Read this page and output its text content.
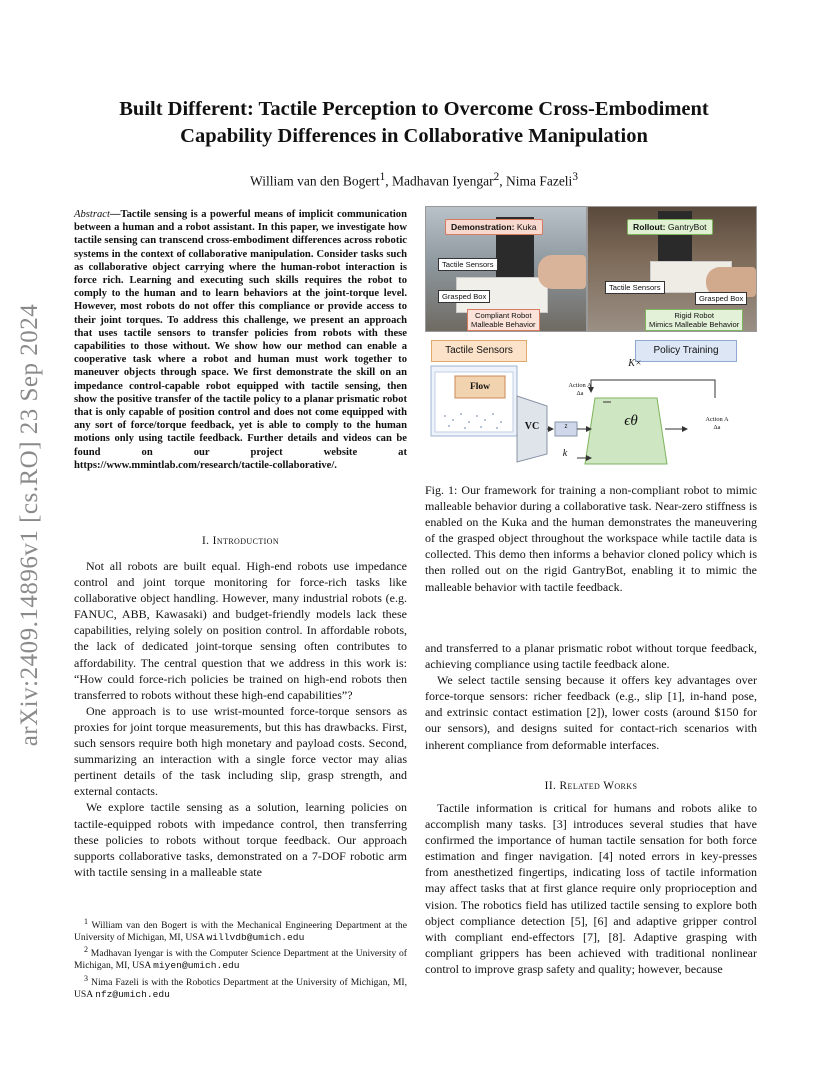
arXiv:2409.14896v1 [cs.RO] 23 Sep 2024
Built Different: Tactile Perception to Overcome Cross-Embodiment
Capability Differences in Collaborative Manipulation
William van den Bogert$^1$, Madhavan Iyengar$^2$, Nima Fazeli$^3$
Abstract—Tactile sensing is a powerful means of implicit communication between a human and a robot assistant. In this paper, we investigate how tactile sensing can transcend cross-embodiment differences across robotic systems in the context of collaborative manipulation. Consider tasks such as collaborative object carrying where the human-robot interaction is force rich. Learning and executing such skills requires the robot to comply to the human and to learn behaviors at the joint-torque level. However, most robots do not offer this compliance or provide access to their joint torques. To address this challenge, we present an approach that uses tactile sensors to transfer policies from robots with these capabilities to those without. We show how our method can enable a cooperative task where a robot and human must work together to maneuver objects through space. We first demonstrate the skill on an impedance control-capable robot equipped with tactile sensing, then show the positive transfer of the tactile policy to a planar prismatic robot that is only capable of position control and does not come equipped with any sort of force/torque feedback, yet is able to comply to the human motions only using tactile feedback. Further details and videos can be found on our project website at https://www.mmintlab.com/research/tactile-collaborative/.
I. Introduction

Not all robots are built equal. High-end robots use impedance control and joint torque monitoring for force-rich tasks like collaborative object handling. However, many industrial robots (e.g. FANUC, ABB, Kawasaki) and budget-friendly models lack these capabilities, relying solely on position control. In affordable robots, the lack of dedicated joint-torque sensing often contributes to affordability. The central question that we address in this work is: “How could force-rich policies be trained on high-end robots then transferred to robots without these high-end capabilities”?

One approach is to use wrist-mounted force-torque sensors as proxies for joint torque measurements, but this has drawbacks. First, such sensors require both high monetary and payload costs. Second, summarizing an interaction with a single force vector may alias pertinent details of the task including slip, grasp strength, and external contacts.

We explore tactile sensing as a solution, learning policies on tactile-equipped robots with impedance control, then transferring these policies to robots without torque feedback. Our approach supports collaborative tasks, demonstrated on a 7-DOF robotic arm with tactile sensing in a malleable state

$^1$ William van den Bogert is with the Mechanical Engineering Department at the University of Michigan, MI, USA willvdb@umich.edu

$^2$ Madhavan Iyengar is with the Computer Science Department at the University of Michigan, MI, USA miyen@umich.edu

$^3$ Nima Fazeli is with the Robotics Department at the University of Michigan, MI, USA nfz@umich.edu

Demonstration: Kuka
Tactile Sensors
Grasped Box
Compliant Robot
Malleable Behavior
Rollout: GantryBot
Tactile Sensors
Grasped Box
Rigid Robot
Mimics Malleable Behavior
Tactile Sensors	Policy Training
Flow
VC	z
K×
k
ϵθ
Action A
Δa
Action A
Δa
Fig. 1: Our framework for training a non-compliant robot to mimic malleable behavior during a collaborative task. Near-zero stiffness is enabled on the Kuka and the human demonstrates the maneuvering of the grasped object throughout the workspace while tactile data is collected. This demo then informs a behavior cloned policy which is then rolled out on the rigid GantryBot, enabling it to mimic the malleable behavior with tactile feedback.

and transferred to a planar prismatic robot without torque feedback, achieving compliance using tactile feedback alone.

We select tactile sensing because it offers key advantages over force-torque sensors: richer feedback (e.g., slip [1], in-hand pose, and extrinsic contact estimation [2]), lower costs (around $150 for our sensors), and designs suited for contact-rich scenarios with inherent compliance from deformable interfaces.

II. Related Works

Tactile information is critical for humans and robots alike to accomplish many tasks. [3] introduces several studies that have confirmed the importance of human tactile sensation for both force estimation and finger navigation. [4] noted errors in key-presses from anesthetized fingertips, indicating loss of tactile information may affect tasks that at first glance require only proprioception and vision. The robotics field has utilized tactile sensing to explore both object compliance detection [5], [6] and adaptive gripper control with compliant end-effectors [7], [8]. Adaptive grasping with compliant grippers has been achieved with traditional nonlinear control to improve grasp safety and quality; however, because
